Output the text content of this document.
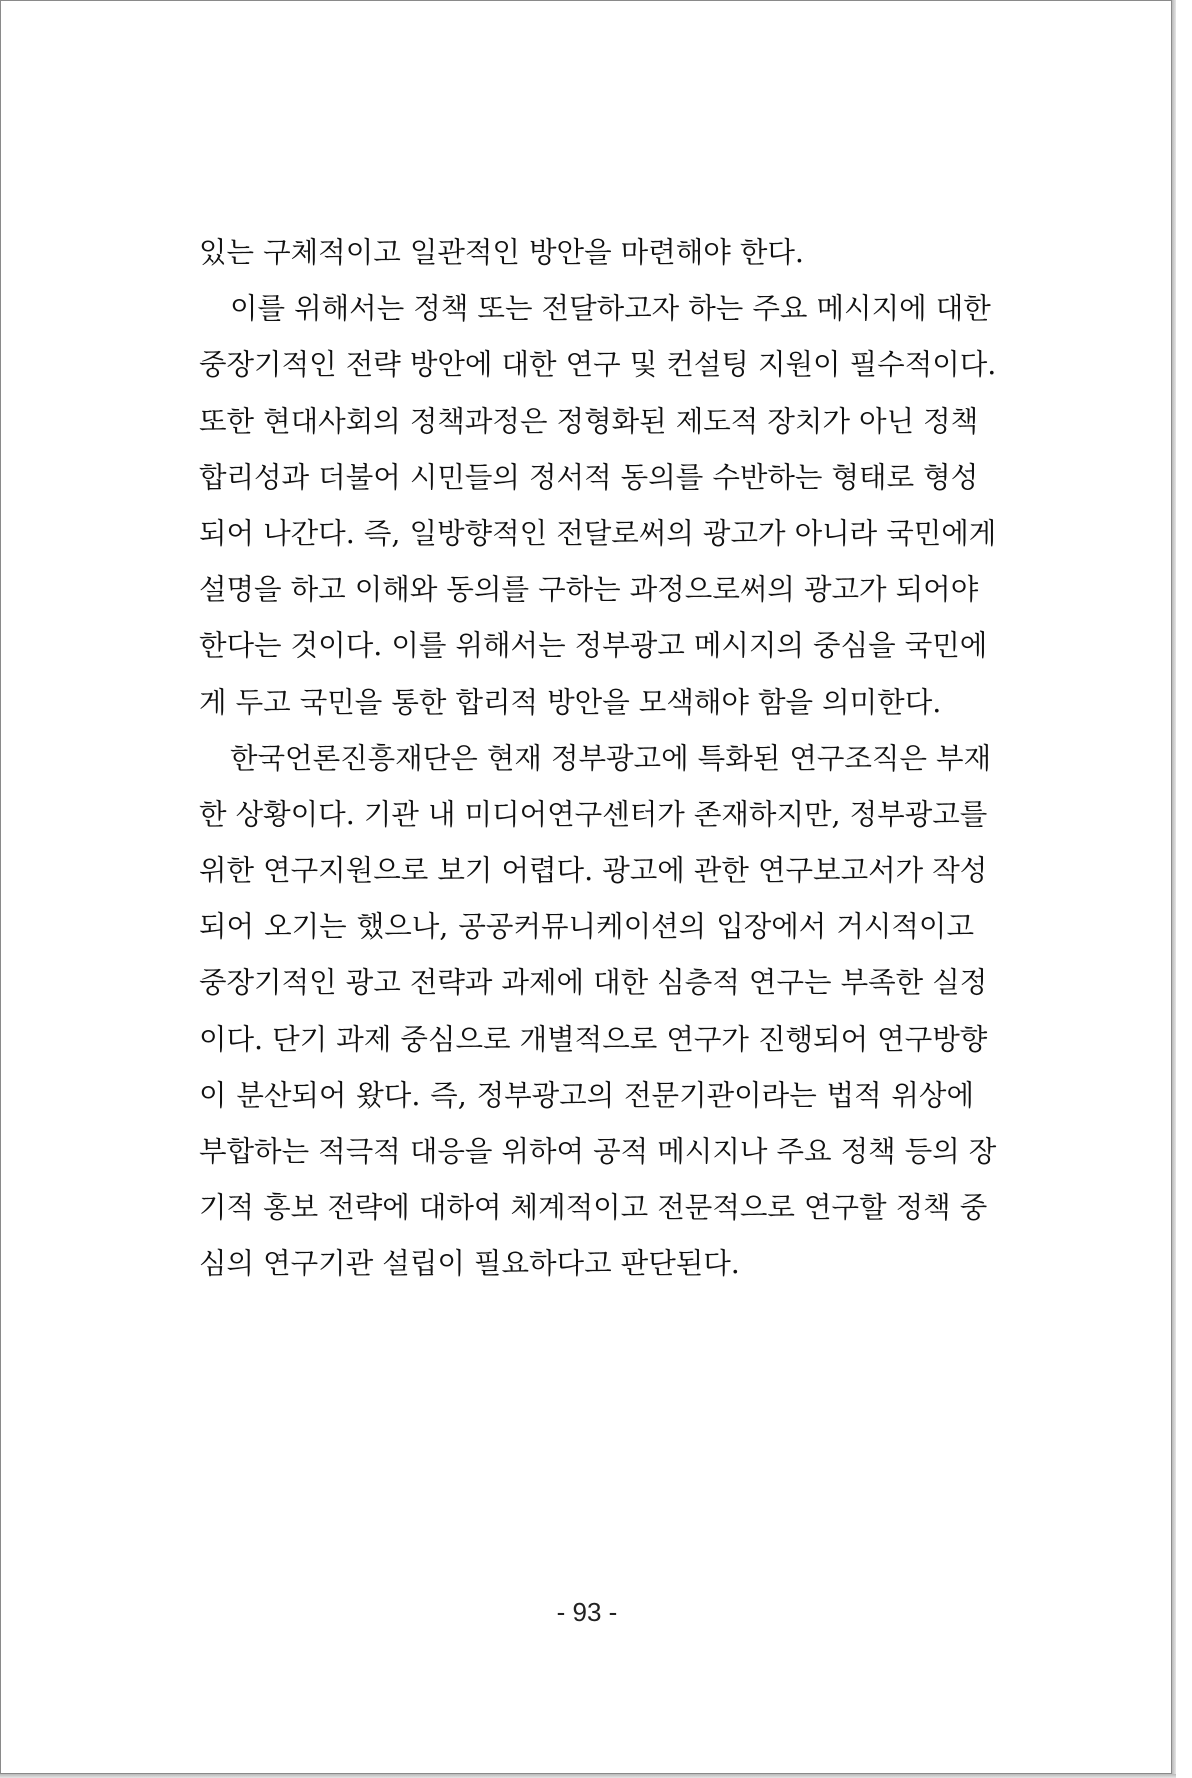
있는 구체적이고 일관적인 방안을 마련해야 한다.
이를 위해서는 정책 또는 전달하고자 하는 주요 메시지에 대한
중장기적인 전략 방안에 대한 연구 및 컨설팅 지원이 필수적이다.
또한 현대사회의 정책과정은 정형화된 제도적 장치가 아닌 정책
합리성과 더불어 시민들의 정서적 동의를 수반하는 형태로 형성
되어 나간다. 즉, 일방향적인 전달로써의 광고가 아니라 국민에게
설명을 하고 이해와 동의를 구하는 과정으로써의 광고가 되어야
한다는 것이다. 이를 위해서는 정부광고 메시지의 중심을 국민에
게 두고 국민을 통한 합리적 방안을 모색해야 함을 의미한다.
한국언론진흥재단은 현재 정부광고에 특화된 연구조직은 부재
한 상황이다. 기관 내 미디어연구센터가 존재하지만, 정부광고를
위한 연구지원으로 보기 어렵다. 광고에 관한 연구보고서가 작성
되어 오기는 했으나, 공공커뮤니케이션의 입장에서 거시적이고
중장기적인 광고 전략과 과제에 대한 심층적 연구는 부족한 실정
이다. 단기 과제 중심으로 개별적으로 연구가 진행되어 연구방향
이 분산되어 왔다. 즉, 정부광고의 전문기관이라는 법적 위상에
부합하는 적극적 대응을 위하여 공적 메시지나 주요 정책 등의 장
기적 홍보 전략에 대하여 체계적이고 전문적으로 연구할 정책 중
심의 연구기관 설립이 필요하다고 판단된다.
- 93 -
